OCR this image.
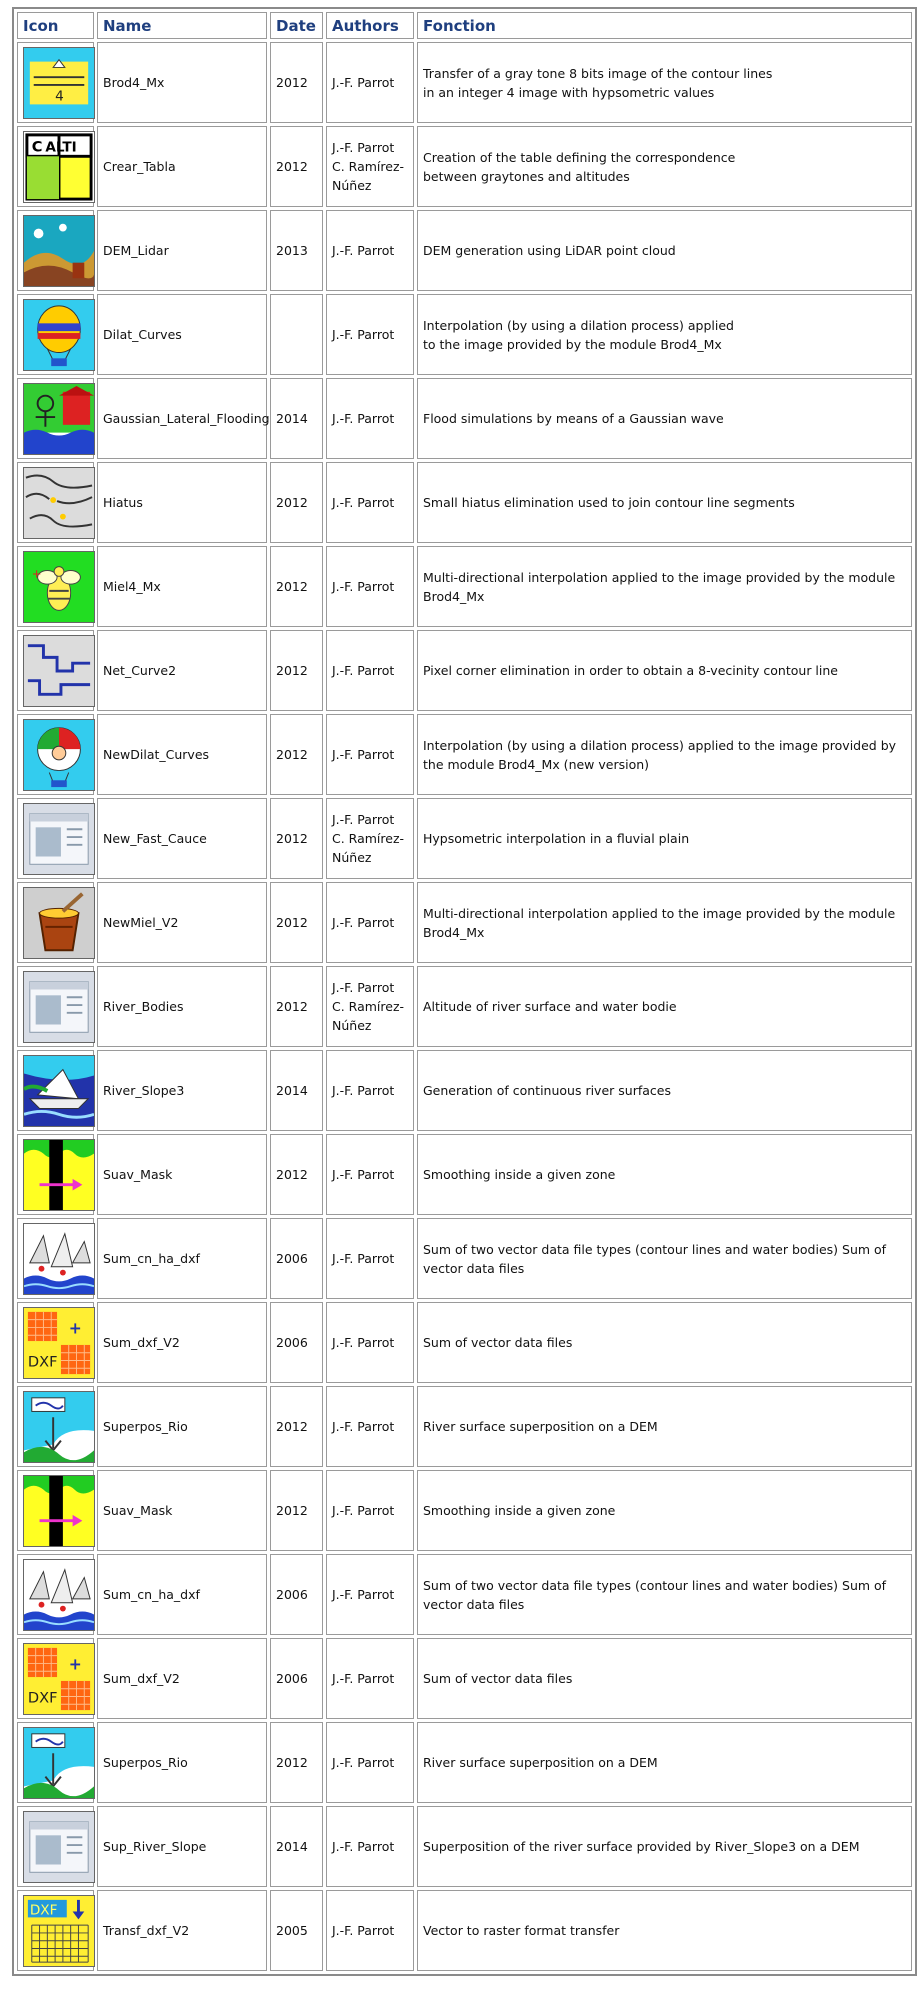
Icon	Name	Date	Authors	Fonction

4	Brod4_Mx	2012	J.-F. Parrot	Transfer of a gray tone 8 bits image of the contour lines
in an integer 4 image with hypsometric values

C ALTI	Crear_Tabla	2012	J.-F. Parrot
C. Ramírez-
Núñez	Creation of the table defining the correspondence
between graytones and altitudes

	DEM_Lidar	2013	J.-F. Parrot	DEM generation using LiDAR point cloud

	Dilat_Curves		J.-F. Parrot	Interpolation (by using a dilation process) applied
to the image provided by the module Brod4_Mx

	Gaussian_Lateral_Flooding	2014	J.-F. Parrot	Flood simulations by means of a Gaussian wave

	Hiatus	2012	J.-F. Parrot	Small hiatus elimination used to join contour line segments

+	Miel4_Mx	2012	J.-F. Parrot	Multi-directional interpolation applied to the image provided by the module
Brod4_Mx

	Net_Curve2	2012	J.-F. Parrot	Pixel corner elimination in order to obtain a 8-vecinity contour line

	NewDilat_Curves	2012	J.-F. Parrot	Interpolation (by using a dilation process) applied to the image provided by
the module Brod4_Mx (new version)

	New_Fast_Cauce	2012	J.-F. Parrot
C. Ramírez-
Núñez	Hypsometric interpolation in a fluvial plain

	NewMiel_V2	2012	J.-F. Parrot	Multi-directional interpolation applied to the image provided by the module
Brod4_Mx

	River_Bodies	2012	J.-F. Parrot
C. Ramírez-
Núñez	Altitude of river surface and water bodie

	River_Slope3	2014	J.-F. Parrot	Generation of continuous river surfaces

	Suav_Mask	2012	J.-F. Parrot	Smoothing inside a given zone

	Sum_cn_ha_dxf	2006	J.-F. Parrot	Sum of two vector data file types (contour lines and water bodies) Sum of
vector data files

+
DXF	Sum_dxf_V2	2006	J.-F. Parrot	Sum of vector data files

	Superpos_Rio	2012	J.-F. Parrot	River surface superposition on a DEM

	Suav_Mask	2012	J.-F. Parrot	Smoothing inside a given zone

	Sum_cn_ha_dxf	2006	J.-F. Parrot	Sum of two vector data file types (contour lines and water bodies) Sum of
vector data files

+
DXF	Sum_dxf_V2	2006	J.-F. Parrot	Sum of vector data files

	Superpos_Rio	2012	J.-F. Parrot	River surface superposition on a DEM

	Sup_River_Slope	2014	J.-F. Parrot	Superposition of the river surface provided by River_Slope3 on a DEM

DXF	Transf_dxf_V2	2005	J.-F. Parrot	Vector to raster format transfer
